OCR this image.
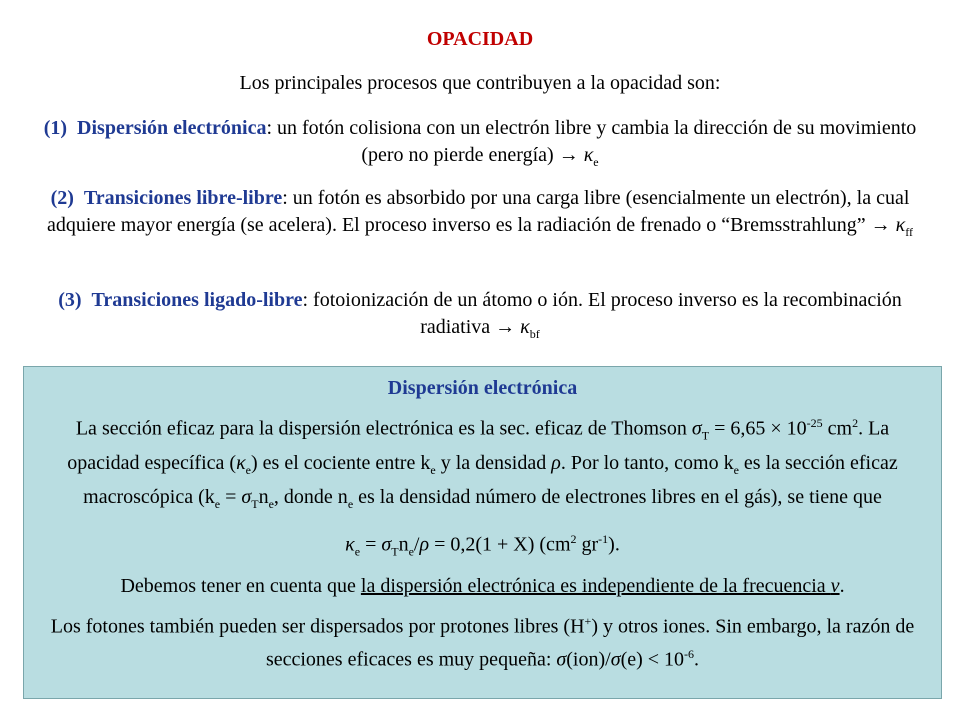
OPACIDAD
Los principales procesos que contribuyen a la opacidad son:
(1) Dispersión electrónica: un fotón colisiona con un electrón libre y cambia la dirección de su movimiento (pero no pierde energía) → $\kappa_e$
(2) Transiciones libre-libre: un fotón es absorbido por una carga libre (esencialmente un electrón), la cual adquiere mayor energía (se acelera). El proceso inverso es la radiación de frenado o “Bremsstrahlung” → $\kappa_{ff}$
(3) Transiciones ligado-libre: fotoionización de un átomo o ión. El proceso inverso es la recombinación radiativa → $\kappa_{bf}$
Dispersión electrónica

La sección eficaz para la dispersión electrónica es la sec. eficaz de Thomson $\sigma_T = 6,65 \times 10^{-25}$ $cm^2$. La opacidad específica $(\kappa_e)$ es el cociente entre $k_e$ y la densidad ρ. Por lo tanto, como $k_e$ es la sección eficaz macroscópica ($k_e = \sigma_Tn_e$, donde $n_e$ es la densidad número de electrones libres en el gás), se tiene que

$\kappa_e = \sigma_Tn_e/\rho = 0,2(1 + X)$ ($cm^2$ $gr^{-1}$).

Debemos tener en cuenta que la dispersión electrónica es independiente de la frecuencia ν.

Los fotones también pueden ser dispersados por protones libres (H+) y otros iones. Sin embargo, la razón de secciones eficaces es muy pequeña: $\sigma(ion)/\sigma(e) < 10^{-6}$.
